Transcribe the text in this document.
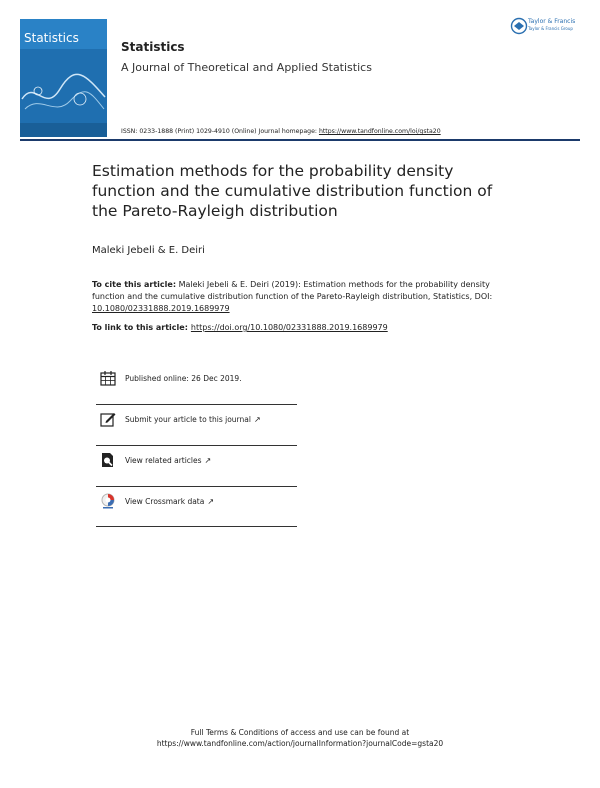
Statistics
Statistics
A Journal of Theoretical and Applied Statistics
ISSN: 0233-1888 (Print) 1029-4910 (Online) Journal homepage: https://www.tandfonline.com/loi/gsta20
Taylor & Francis
Taylor & Francis Group
Estimation methods for the probability density function and the cumulative distribution function of the Pareto-Rayleigh distribution
Maleki Jebeli & E. Deiri
To cite this article: Maleki Jebeli & E. Deiri (2019): Estimation methods for the probability density function and the cumulative distribution function of the Pareto-Rayleigh distribution, Statistics, DOI: 10.1080/02331888.2019.1689979
To link to this article: https://doi.org/10.1080/02331888.2019.1689979
Published online: 26 Dec 2019.
Submit your article to this journal ↗
View related articles ↗
View Crossmark data ↗
Full Terms & Conditions of access and use can be found at
https://www.tandfonline.com/action/journalInformation?journalCode=gsta20
